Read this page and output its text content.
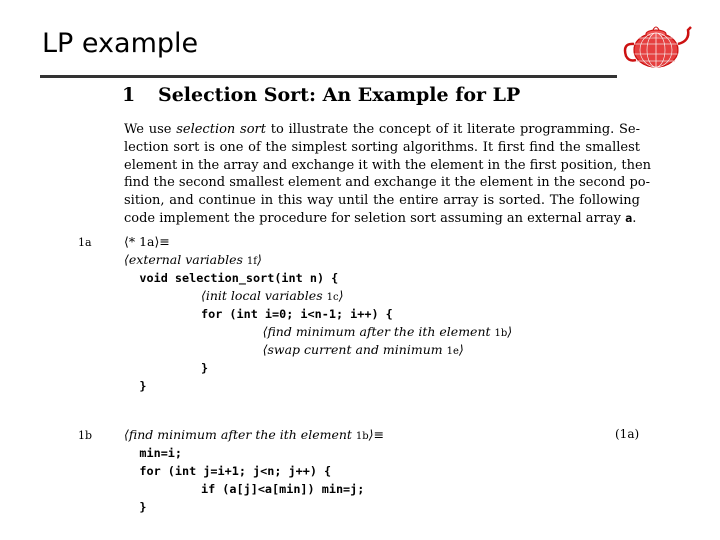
LP example
1 Selection Sort: An Example for LP
We use selection sort to illustrate the concept of it literate programming. Se-
lection sort is one of the simplest sorting algorithms. It first find the smallest
element in the array and exchange it with the element in the first position, then
find the second smallest element and exchange it the element in the second po-
sition, and continue in this way until the entire array is sorted. The following
code implement the procedure for seletion sort assuming an external array a.
1a	⟨* 1a⟩≡
⟨external variables 1f⟩
void selection_sort(int n) {
⟨init local variables 1c⟩
for (int i=0; i<n-1; i++) {
⟨find minimum after the ith element 1b⟩
⟨swap current and minimum 1e⟩
}
}
1b	(1a)
⟨find minimum after the ith element 1b⟩≡
min=i;
for (int j=i+1; j<n; j++) {
if (a[j]<a[min]) min=j;
}
